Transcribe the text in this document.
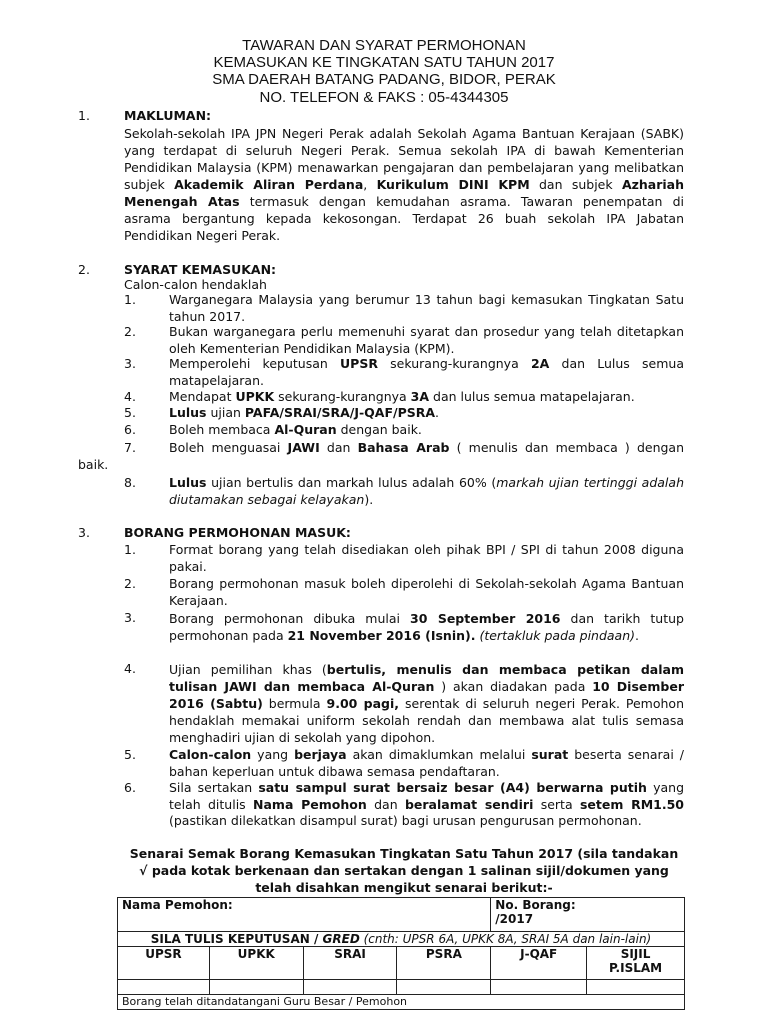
TAWARAN DAN SYARAT PERMOHONAN
KEMASUKAN KE TINGKATAN SATU TAHUN 2017
SMA DAERAH BATANG PADANG, BIDOR, PERAK
NO. TELEFON & FAKS : 05-4344305
1.	MAKLUMAN:
Sekolah-sekolah IPA JPN Negeri Perak adalah Sekolah Agama Bantuan Kerajaan (SABK) yang terdapat di seluruh Negeri Perak. Semua sekolah IPA di bawah Kementerian Pendidikan Malaysia (KPM) menawarkan pengajaran dan pembelajaran yang melibatkan subjek Akademik Aliran Perdana, Kurikulum DINI KPM dan subjek Azhariah Menengah Atas termasuk dengan kemudahan asrama. Tawaran penempatan di asrama bergantung kepada kekosongan. Terdapat 26 buah sekolah IPA Jabatan Pendidikan Negeri Perak.
2.	SYARAT KEMASUKAN:
Calon-calon hendaklah
1.	Warganegara Malaysia yang berumur 13 tahun bagi kemasukan Tingkatan Satu tahun 2017.
2.	Bukan warganegara perlu memenuhi syarat dan prosedur yang telah ditetapkan oleh Kementerian Pendidikan Malaysia (KPM).
3.	Memperolehi keputusan UPSR sekurang-kurangnya 2A dan Lulus semua matapelajaran.
4.	Mendapat UPKK sekurang-kurangnya 3A dan lulus semua matapelajaran.
5.	Lulus ujian PAFA/SRAI/SRA/J-QAF/PSRA.
6.	Boleh membaca Al-Quran dengan baik.
7.	Boleh menguasai JAWI dan Bahasa Arab ( menulis dan membaca ) dengan
baik.
8.	Lulus ujian bertulis dan markah lulus adalah 60% (markah ujian tertinggi adalah diutamakan sebagai kelayakan).
3.	BORANG PERMOHONAN MASUK:
1.	Format borang yang telah disediakan oleh pihak BPI / SPI di tahun 2008 diguna pakai.
2.	Borang permohonan masuk boleh diperolehi di Sekolah-sekolah Agama Bantuan Kerajaan.
3.	Borang permohonan dibuka mulai 30 September 2016 dan tarikh tutup permohonan pada 21 November 2016 (Isnin). (tertakluk pada pindaan).
4.	Ujian pemilihan khas (bertulis, menulis dan membaca petikan dalam tulisan JAWI dan membaca Al-Quran ) akan diadakan pada 10 Disember 2016 (Sabtu) bermula 9.00 pagi, serentak di seluruh negeri Perak. Pemohon hendaklah memakai uniform sekolah rendah dan membawa alat tulis semasa menghadiri ujian di sekolah yang dipohon.
5.	Calon-calon yang berjaya akan dimaklumkan melalui surat beserta senarai / bahan keperluan untuk dibawa semasa pendaftaran.
6.	Sila sertakan satu sampul surat bersaiz besar (A4) berwarna putih yang telah ditulis Nama Pemohon dan beralamat sendiri serta setem RM1.50 (pastikan dilekatkan disampul surat) bagi urusan pengurusan permohonan.
Senarai Semak Borang Kemasukan Tingkatan Satu Tahun 2017 (sila tandakan
√ pada kotak berkenaan dan sertakan dengan 1 salinan sijil/dokumen yang
telah disahkan mengikut senarai berikut:-
Nama Pemohon:				No. Borang:
/2017	

SILA TULIS KEPUTUSAN / GRED (cnth: UPSR 6A, UPKK 8A, SRAI 5A dan lain-lain)					
UPSR	UPKK	SRAI	PSRA	J-QAF	SIJIL
P.ISLAM

Borang telah ditandatangani Guru Besar / Pemohon					
